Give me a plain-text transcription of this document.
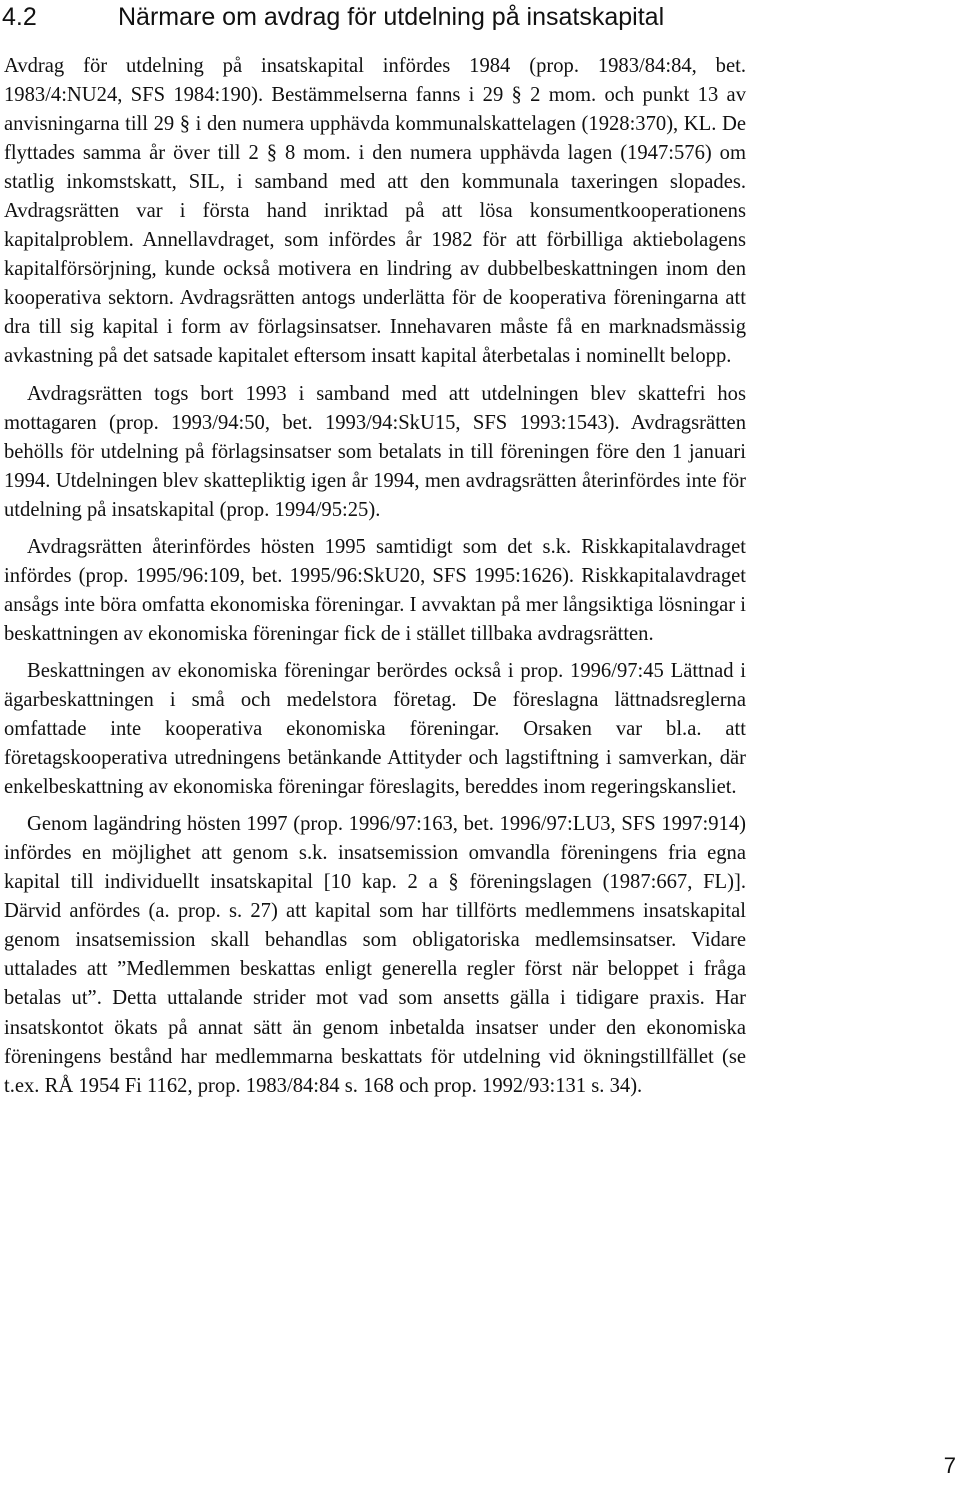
4.2	Närmare om avdrag för utdelning på insatskapital

Avdrag för utdelning på insatskapital infördes 1984 (prop. 1983/84:84, bet. 1983/4:NU24, SFS 1984:190). Bestämmelserna fanns i 29 § 2 mom. och punkt 13 av anvisningarna till 29 § i den numera upphävda kommunalskattelagen (1928:370), KL. De flyttades samma år över till 2 § 8 mom. i den numera upphävda lagen (1947:576) om statlig inkomstskatt, SIL, i samband med att den kommunala taxeringen slopades. Avdragsrätten var i första hand inriktad på att lösa konsumentkooperationens kapitalproblem. Annellavdraget, som infördes år 1982 för att förbilliga aktiebolagens kapitalförsörjning, kunde också motivera en lindring av dubbelbeskattningen inom den kooperativa sektorn. Avdragsrätten antogs underlätta för de kooperativa föreningarna att dra till sig kapital i form av förlagsinsatser. Innehavaren måste få en marknadsmässig avkastning på det satsade kapitalet eftersom insatt kapital återbetalas i nominellt belopp.

Avdragsrätten togs bort 1993 i samband med att utdelningen blev skattefri hos mottagaren (prop. 1993/94:50, bet. 1993/94:SkU15, SFS 1993:1543). Avdragsrätten behölls för utdelning på förlagsinsatser som betalats in till föreningen före den 1 januari 1994. Utdelningen blev skattepliktig igen år 1994, men avdragsrätten återinfördes inte för utdelning på insatskapital (prop. 1994/95:25).

Avdragsrätten återinfördes hösten 1995 samtidigt som det s.k. Riskkapitalavdraget infördes (prop. 1995/96:109, bet. 1995/96:SkU20, SFS 1995:1626). Riskkapitalavdraget ansågs inte böra omfatta ekonomiska föreningar. I avvaktan på mer långsiktiga lösningar i beskattningen av ekonomiska föreningar fick de i stället tillbaka avdragsrätten.

Beskattningen av ekonomiska föreningar berördes också i prop. 1996/97:45 Lättnad i ägarbeskattningen i små och medelstora företag. De föreslagna lättnadsreglerna omfattade inte kooperativa ekonomiska föreningar. Orsaken var bl.a. att företagskooperativa utredningens betänkande Attityder och lagstiftning i samverkan, där enkelbeskattning av ekonomiska föreningar föreslagits, bereddes inom regeringskansliet.

Genom lagändring hösten 1997 (prop. 1996/97:163, bet. 1996/97:LU3, SFS 1997:914) infördes en möjlighet att genom s.k. insatsemission omvandla föreningens fria egna kapital till individuellt insatskapital [10 kap. 2 a § föreningslagen (1987:667, FL)]. Därvid anfördes (a. prop. s. 27) att kapital som har tillförts medlemmens insatskapital genom insatsemission skall behandlas som obligatoriska medlemsinsatser. Vidare uttalades att ”Medlemmen beskattas enligt generella regler först när beloppet i fråga betalas ut”. Detta uttalande strider mot vad som ansetts gälla i tidigare praxis. Har insatskontot ökats på annat sätt än genom inbetalda insatser under den ekonomiska föreningens bestånd har medlemmarna beskattats för utdelning vid ökningstillfället (se t.ex. RÅ 1954 Fi 1162, prop. 1983/84:84 s. 168 och prop. 1992/93:131 s. 34).

7
